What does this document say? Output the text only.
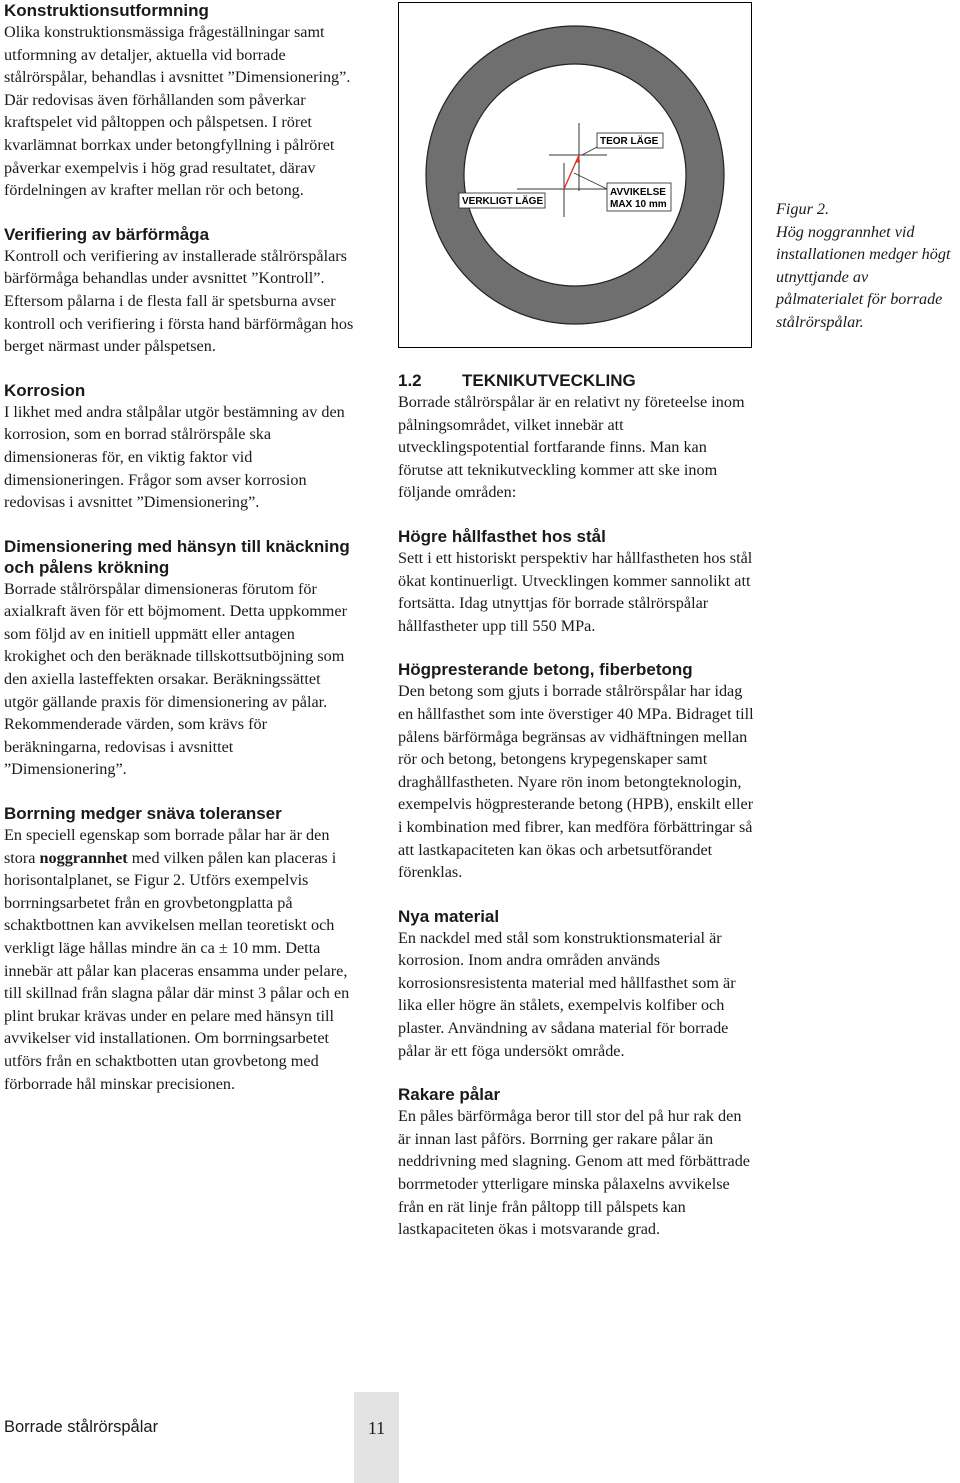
Konstruktionsutformning

Olika konstruktionsmässiga frågeställningar samt utformning av detaljer, aktuella vid borrade stålrörspålar, behandlas i avsnittet ”Dimensionering”. Där redovisas även förhållanden som påverkar kraftspelet vid påltoppen och pålspetsen. I röret kvarlämnat borrkax under betongfyllning i pålröret påverkar exempelvis i hög grad resultatet, därav fördelningen av krafter mellan rör och betong.

Verifiering av bärförmåga

Kontroll och verifiering av installerade stålrörspålars bärförmåga behandlas under avsnittet ”Kontroll”. Eftersom pålarna i de flesta fall är spetsburna avser kontroll och verifiering i första hand bärförmågan hos berget närmast under pålspetsen.

Korrosion

I likhet med andra stålpålar utgör bestämning av den korrosion, som en borrad stålrörspåle ska dimensioneras för, en viktig faktor vid dimensioneringen. Frågor som avser korrosion redovisas i avsnittet ”Dimensionering”.

Dimensionering med hänsyn till knäckning och pålens krökning

Borrade stålrörspålar dimensioneras förutom för axialkraft även för ett böjmoment. Detta uppkommer som följd av en initiell uppmätt eller antagen krokighet och den beräknade tillskottsutböjning som den axiella lasteffekten orsakar. Beräkningssättet utgör gällande praxis för dimensionering av pålar. Rekommenderade värden, som krävs för beräkningarna, redovisas i avsnittet ”Dimensionering”.

Borrning medger snäva toleranser

En speciell egenskap som borrade pålar har är den stora noggrannhet med vilken pålen kan placeras i horisontalplanet, se Figur 2. Utförs exempelvis borrningsarbetet från en grovbetongplatta på schaktbottnen kan avvikelsen mellan teoretiskt och verkligt läge hållas mindre än ca ± 10 mm. Detta innebär att pålar kan placeras ensamma under pelare, till skillnad från slagna pålar där minst 3 pålar och en plint brukar krävas under en pelare med hänsyn till avvikelser vid installationen. Om borrningsarbetet utförs från en schaktbotten utan grovbetong med förborrade hål minskar precisionen.

TEOR LÄGE
VERKLIGT LÄGE
AVVIKELSE
MAX 10 mm	Figur 2.
Hög noggrannhet vid installationen medger högt utnyttjande av pålmaterialet för borrade stålrörspålar.
1.2	TEKNIKUTVECKLING

Borrade stålrörspålar är en relativt ny företeelse inom pålningsområdet, vilket innebär att utvecklingspotential fortfarande finns. Man kan förutse att teknikutveckling kommer att ske inom följande områden:

Högre hållfasthet hos stål

Sett i ett historiskt perspektiv har hållfastheten hos stål ökat kontinuerligt. Utvecklingen kommer sannolikt att fortsätta. Idag utnyttjas för borrade stålrörspålar hållfastheter upp till 550 MPa.

Högpresterande betong, fiberbetong

Den betong som gjuts i borrade stålrörspålar har idag en hållfasthet som inte överstiger 40 MPa. Bidraget till pålens bärförmåga begränsas av vidhäftningen mellan rör och betong, betongens krypegenskaper samt draghållfastheten. Nyare rön inom betongteknologin, exempelvis högpresterande betong (HPB), enskilt eller i kombination med fibrer, kan medföra förbättringar så att lastkapaciteten kan ökas och arbetsutförandet förenklas.

Nya material

En nackdel med stål som konstruktionsmaterial är korrosion. Inom andra områden används korrosionsresistenta material med hållfasthet som är lika eller högre än stålets, exempelvis kolfiber och plaster. Användning av sådana material för borrade pålar är ett föga undersökt område.

Rakare pålar

En påles bärförmåga beror till stor del på hur rak den är innan last påförs. Borrning ger rakare pålar än neddrivning med slagning. Genom att med förbättrade borrmetoder ytterligare minska pålaxelns avvikelse från en rät linje från påltopp till pålspets kan lastkapaciteten ökas i motsvarande grad.

Borrade stålrörspålar	11
